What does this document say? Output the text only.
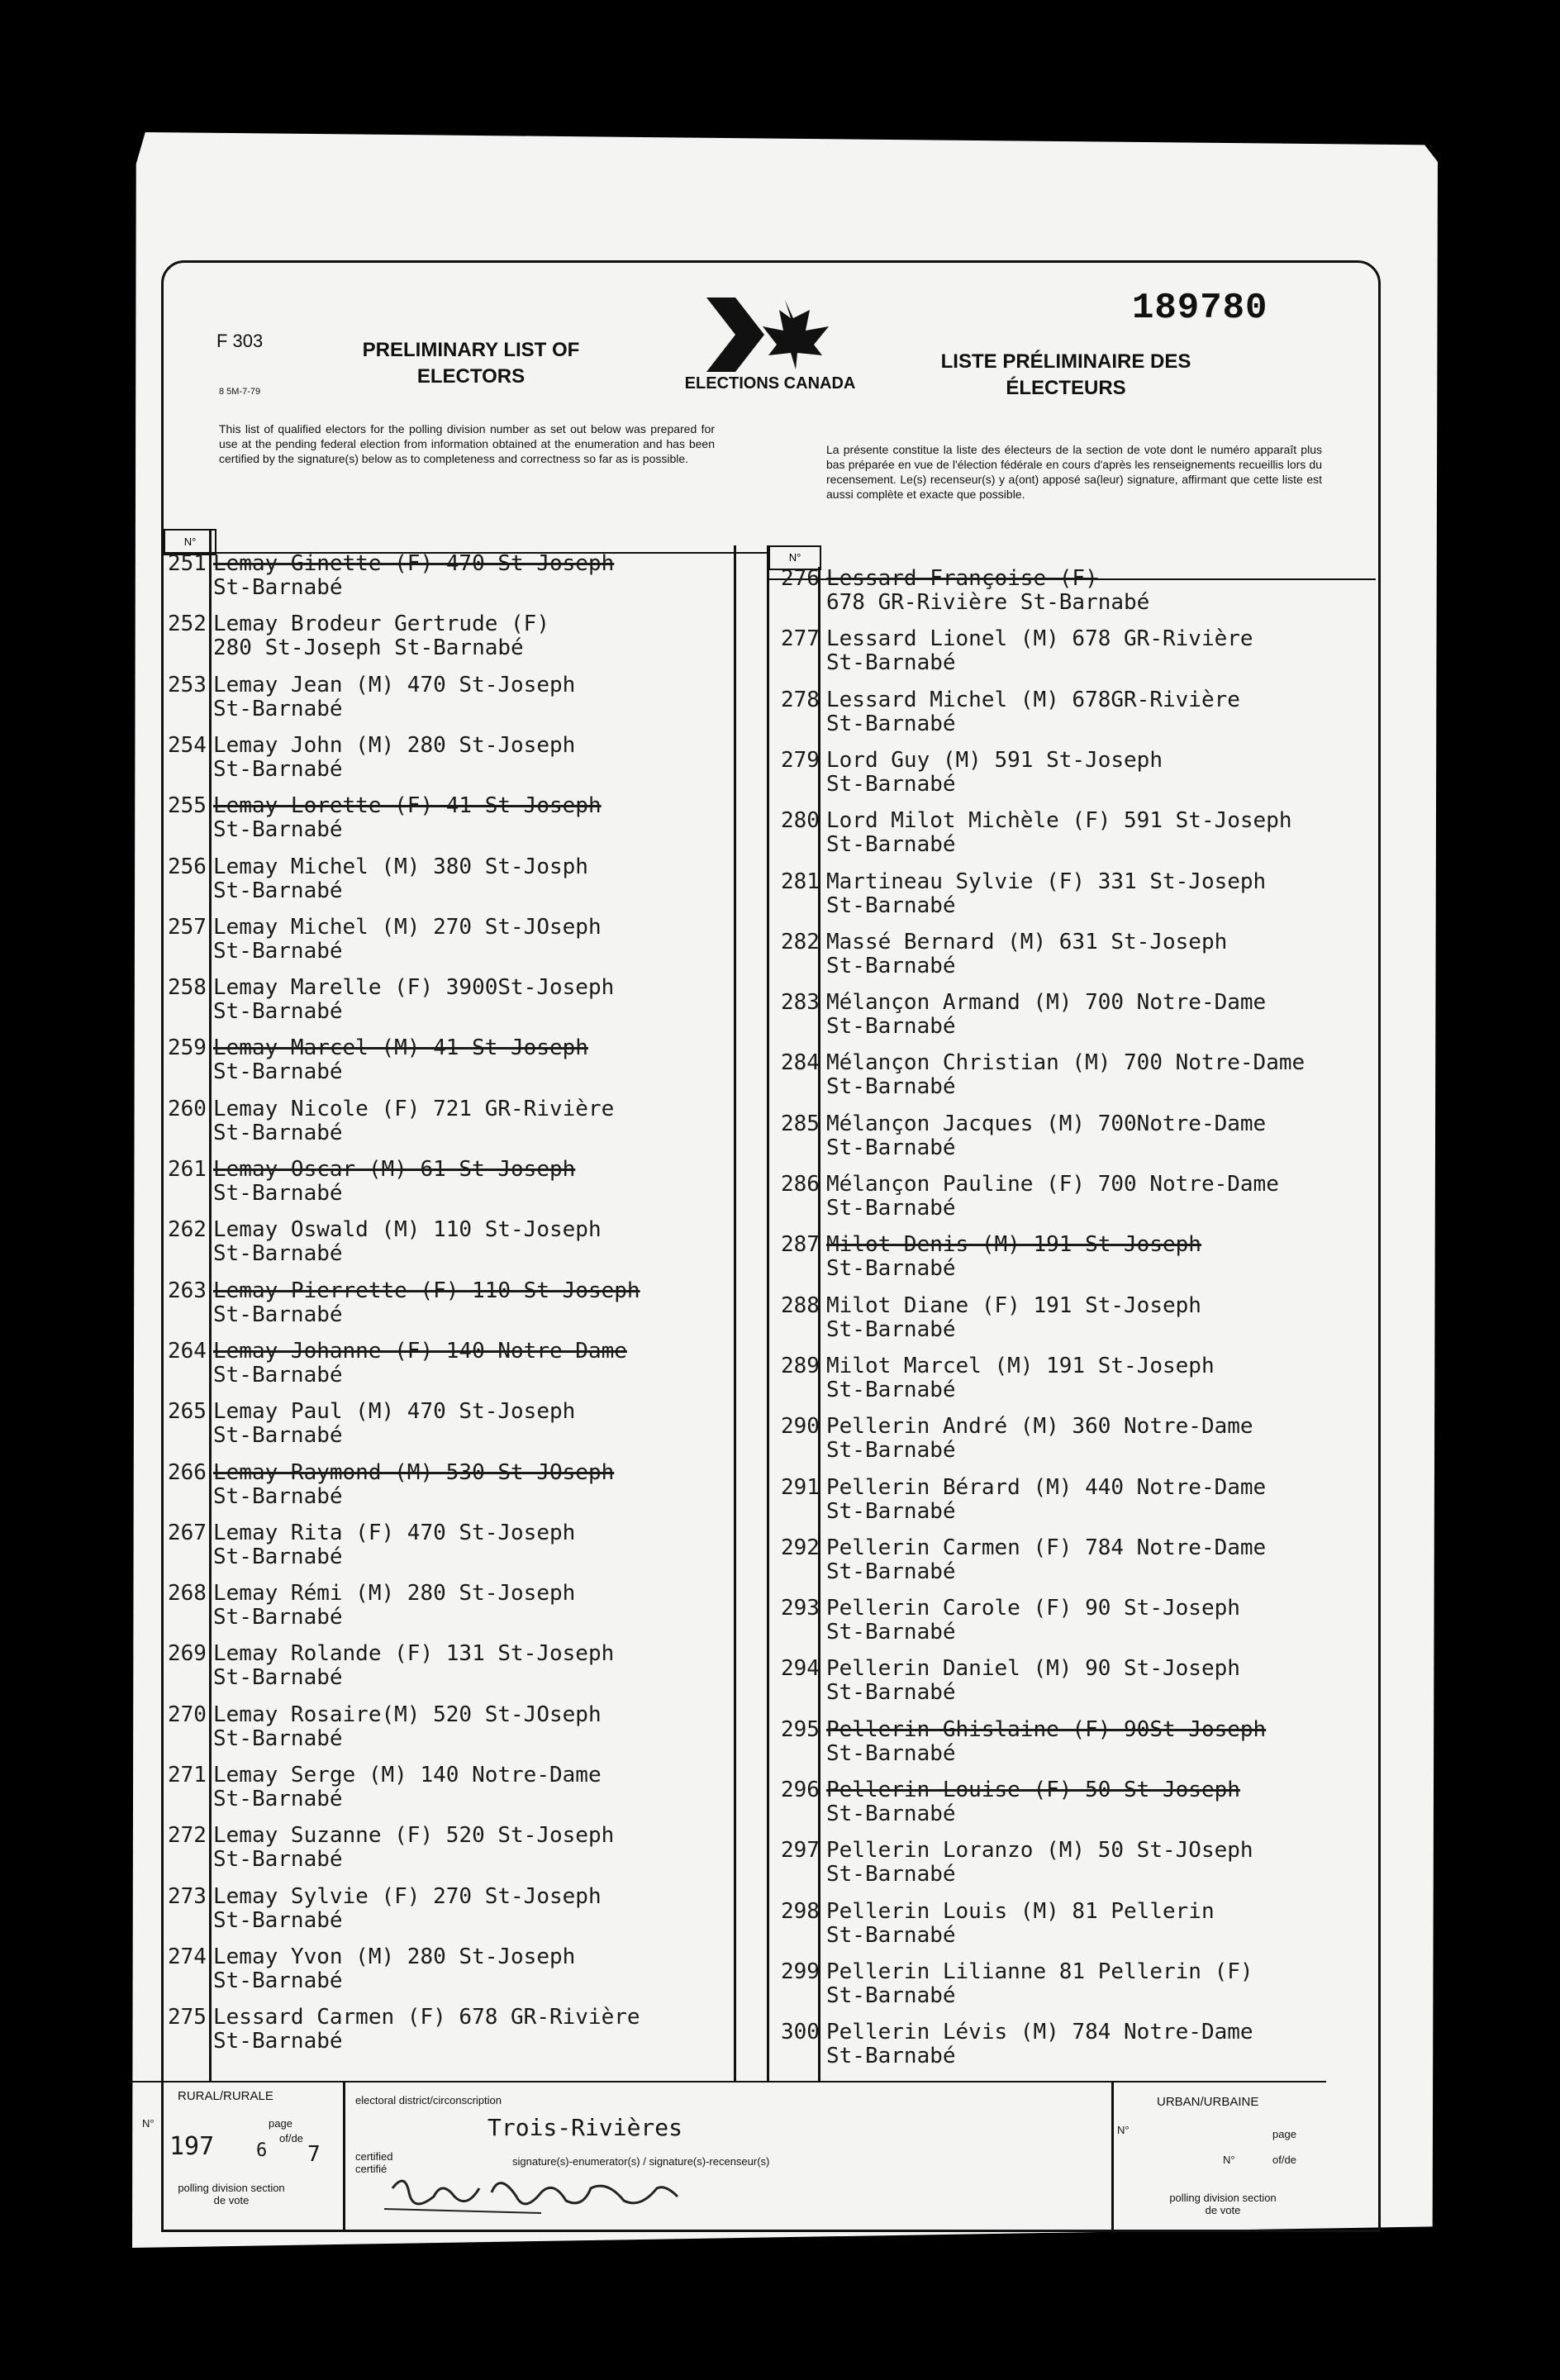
189780
F 303
8 5M-7-79
PRELIMINARY LIST OF ELECTORS
LISTE PRÉLIMINAIRE DES ÉLECTEURS
ELECTIONS CANADA
This list of qualified electors for the polling division number as set out below was prepared for use at the pending federal election from information obtained at the enumeration and has been certified by the signature(s) below as to completeness and correctness so far as is possible.
La présente constitue la liste des électeurs de la section de vote dont le numéro apparaît plus bas préparée en vue de l'élection fédérale en cours d'après les renseignements recueillis lors du recensement. Le(s) recenseur(s) y a(ont) apposé sa(leur) signature, affirmant que cette liste est aussi complète et exacte que possible.
N°
N°
251 Lemay Ginette (F) 470 St-Joseph
St-Barnabé
252 Lemay Brodeur Gertrude (F)
280 St-Joseph St-Barnabé
253 Lemay Jean (M) 470 St-Joseph
St-Barnabé
254 Lemay John (M) 280 St-Joseph
St-Barnabé
255 Lemay Lorette (F) 41 St-Joseph
St-Barnabé
256 Lemay Michel (M) 380 St-Josph
St-Barnabé
257 Lemay Michel (M) 270 St-JOseph
St-Barnabé
258 Lemay Marelle (F) 3900St-Joseph
St-Barnabé
259 Lemay Marcel (M) 41 St-Joseph
St-Barnabé
260 Lemay Nicole (F) 721 GR-Rivière
St-Barnabé
261 Lemay Oscar (M) 61 St-Joseph
St-Barnabé
262 Lemay Oswald (M) 110 St-Joseph
St-Barnabé
263 Lemay Pierrette (F) 110 St-Joseph
St-Barnabé
264 Lemay Johanne (F) 140 Notre-Dame
St-Barnabé
265 Lemay Paul (M) 470 St-Joseph
St-Barnabé
266 Lemay Raymond (M) 530 St-JOseph
St-Barnabé
267 Lemay Rita (F) 470 St-Joseph
St-Barnabé
268 Lemay Rémi (M) 280 St-Joseph
St-Barnabé
269 Lemay Rolande (F) 131 St-Joseph
St-Barnabé
270 Lemay Rosaire(M) 520 St-JOseph
St-Barnabé
271 Lemay Serge (M) 140 Notre-Dame
St-Barnabé
272 Lemay Suzanne (F) 520 St-Joseph
St-Barnabé
273 Lemay Sylvie (F) 270 St-Joseph
St-Barnabé
274 Lemay Yvon (M) 280 St-Joseph
St-Barnabé
275 Lessard Carmen (F) 678 GR-Rivière
St-Barnabé
276 Lessard Françoise (F)
678 GR-Rivière St-Barnabé
277 Lessard Lionel (M) 678 GR-Rivière
St-Barnabé
278 Lessard Michel (M) 678GR-Rivière
St-Barnabé
279 Lord Guy (M) 591 St-Joseph
St-Barnabé
280 Lord Milot Michèle (F) 591 St-Joseph
St-Barnabé
281 Martineau Sylvie (F) 331 St-Joseph
St-Barnabé
282 Massé Bernard (M) 631 St-Joseph
St-Barnabé
283 Mélançon Armand (M) 700 Notre-Dame
St-Barnabé
284 Mélançon Christian (M) 700 Notre-Dame
St-Barnabé
285 Mélançon Jacques (M) 700Notre-Dame
St-Barnabé
286 Mélançon Pauline (F) 700 Notre-Dame
St-Barnabé
287 Milot Denis (M) 191 St-Joseph
St-Barnabé
288 Milot Diane (F) 191 St-Joseph
St-Barnabé
289 Milot Marcel (M) 191 St-Joseph
St-Barnabé
290 Pellerin André (M) 360 Notre-Dame
St-Barnabé
291 Pellerin Bérard (M) 440 Notre-Dame
St-Barnabé
292 Pellerin Carmen (F) 784 Notre-Dame
St-Barnabé
293 Pellerin Carole (F) 90 St-Joseph
St-Barnabé
294 Pellerin Daniel (M) 90 St-Joseph
St-Barnabé
295 Pellerin Ghislaine (F) 90St-Joseph
St-Barnabé
296 Pellerin Louise (F) 50 St-Joseph
St-Barnabé
297 Pellerin Loranzo (M) 50 St-JOseph
St-Barnabé
298 Pellerin Louis (M) 81 Pellerin
St-Barnabé
299 Pellerin Lilianne 81 Pellerin (F)
St-Barnabé
300 Pellerin Lévis (M) 784 Notre-Dame
St-Barnabé
RURAL/RURALE
N°
197
page
6
of/de
7
polling division section de vote
electoral district/circonscription
Trois-Rivières
certified certifié
signature(s)-enumerator(s) / signature(s)-recenseur(s)
URBAN/URBAINE
N°	page
N°	of/de
polling division section de vote
